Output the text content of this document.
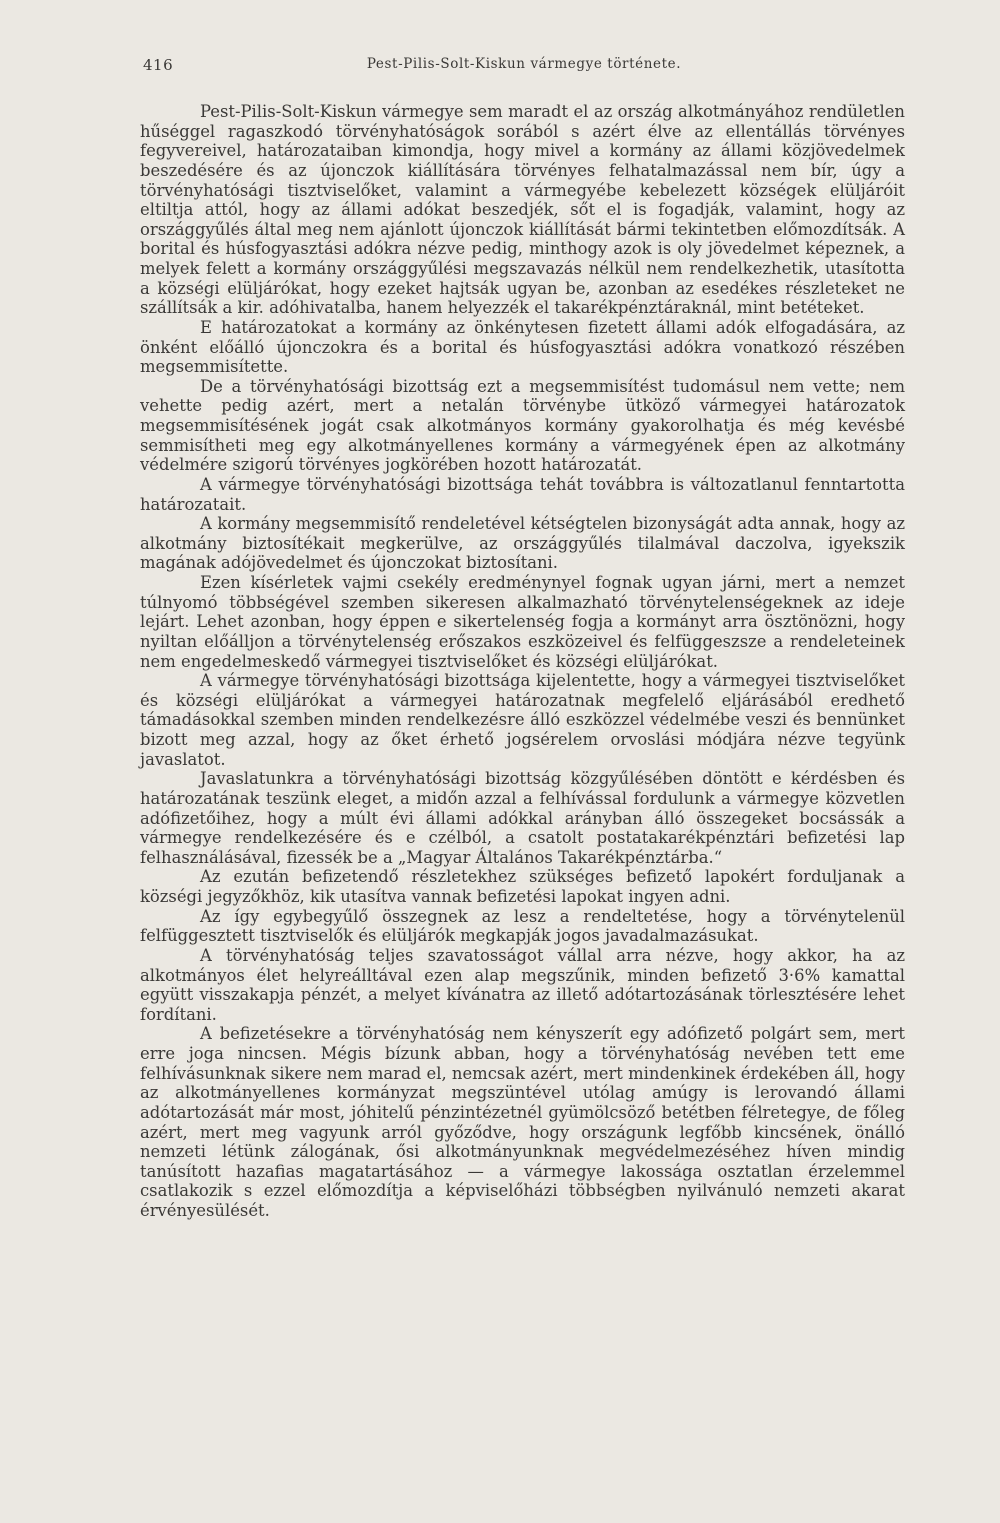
416	Pest-Pilis-Solt-Kiskun vármegye története.

Pest-Pilis-Solt-Kiskun vármegye sem maradt el az ország alkotmányához rendületlen hűséggel ragaszkodó törvényhatóságok sorából s azért élve az ellentállás törvényes fegyvereivel, határozataiban kimondja, hogy mivel a kormány az állami közjövedelmek beszedésére és az újonczok kiállítására törvényes felhatalmazással nem bír, úgy a törvényhatósági tisztviselőket, valamint a vármegyébe kebelezett községek elüljáróit eltiltja attól, hogy az állami adókat beszedjék, sőt el is fogadják, valamint, hogy az országgyűlés által meg nem ajánlott újonczok kiállítását bármi tekintetben előmozdítsák. A borital és húsfogyasztási adókra nézve pedig, minthogy azok is oly jövedelmet képeznek, a melyek felett a kormány országgyűlési megszavazás nélkül nem rendelkezhetik, utasította a községi elüljárókat, hogy ezeket hajtsák ugyan be, azonban az esedékes részleteket ne szállítsák a kir. adóhivatalba, hanem helyezzék el takarékpénztáraknál, mint betéteket.

E határozatokat a kormány az önkénytesen fizetett állami adók elfogadására, az önként előálló újonczokra és a borital és húsfogyasztási adókra vonatkozó részében megsemmisítette.

De a törvényhatósági bizottság ezt a megsemmisítést tudomásul nem vette; nem vehette pedig azért, mert a netalán törvénybe ütköző vármegyei határozatok megsemmisítésének jogát csak alkotmányos kormány gyakorolhatja és még kevésbé semmisítheti meg egy alkotmányellenes kormány a vármegyének épen az alkotmány védelmére szigorú törvényes jogkörében hozott határozatát.

A vármegye törvényhatósági bizottsága tehát továbbra is változatlanul fenntartotta határozatait.

A kormány megsemmisítő rendeletével kétségtelen bizonyságát adta annak, hogy az alkotmány biztosítékait megkerülve, az országgyűlés tilalmával daczolva, igyekszik magának adójövedelmet és újonczokat biztosítani.

Ezen kísérletek vajmi csekély eredménynyel fognak ugyan járni, mert a nemzet túlnyomó többségével szemben sikeresen alkalmazható törvénytelenségeknek az ideje lejárt. Lehet azonban, hogy éppen e sikertelenség fogja a kormányt arra ösztönözni, hogy nyiltan előálljon a törvénytelenség erőszakos eszközeivel és felfüggeszsze a rendeleteinek nem engedelmeskedő vármegyei tisztviselőket és községi elüljárókat.

A vármegye törvényhatósági bizottsága kijelentette, hogy a vármegyei tisztviselőket és községi elüljárókat a vármegyei határozatnak megfelelő eljárásából eredhető támadásokkal szemben minden rendelkezésre álló eszközzel védelmébe veszi és bennünket bizott meg azzal, hogy az őket érhető jogsérelem orvoslási módjára nézve tegyünk javaslatot.

Javaslatunkra a törvényhatósági bizottság közgyűlésében döntött e kérdésben és határozatának teszünk eleget, a midőn azzal a felhívással fordulunk a vármegye közvetlen adófizetőihez, hogy a múlt évi állami adókkal arányban álló összegeket bocsássák a vármegye rendelkezésére és e czélból, a csatolt postatakarékpénztári befizetési lap felhasználásával, fizessék be a „Magyar Általános Takarékpénztárba.“

Az ezután befizetendő részletekhez szükséges befizető lapokért forduljanak a községi jegyzőkhöz, kik utasítva vannak befizetési lapokat ingyen adni.

Az így egybegyűlő összegnek az lesz a rendeltetése, hogy a törvénytelenül felfüggesztett tisztviselők és elüljárók megkapják jogos javadalmazásukat.

A törvényhatóság teljes szavatosságot vállal arra nézve, hogy akkor, ha az alkotmányos élet helyreálltával ezen alap megszűnik, minden befizető 3·6% kamattal együtt visszakapja pénzét, a melyet kívánatra az illető adótartozásának törlesztésére lehet fordítani.

A befizetésekre a törvényhatóság nem kényszerít egy adófizető polgárt sem, mert erre joga nincsen. Mégis bízunk abban, hogy a törvényhatóság nevében tett eme felhívásunknak sikere nem marad el, nemcsak azért, mert mindenkinek érdekében áll, hogy az alkotmányellenes kormányzat megszüntével utólag amúgy is lerovandó állami adótartozását már most, jóhitelű pénzintézetnél gyümölcsöző betétben félretegye, de főleg azért, mert meg vagyunk arról győződve, hogy országunk legfőbb kincsének, önálló nemzeti létünk zálogának, ősi alkotmányunknak megvédelmezéséhez híven mindig tanúsított hazafias magatartásához — a vármegye lakossága osztatlan érzelemmel csatlakozik s ezzel előmozdítja a képviselőházi többségben nyilvánuló nemzeti akarat érvényesülését.
